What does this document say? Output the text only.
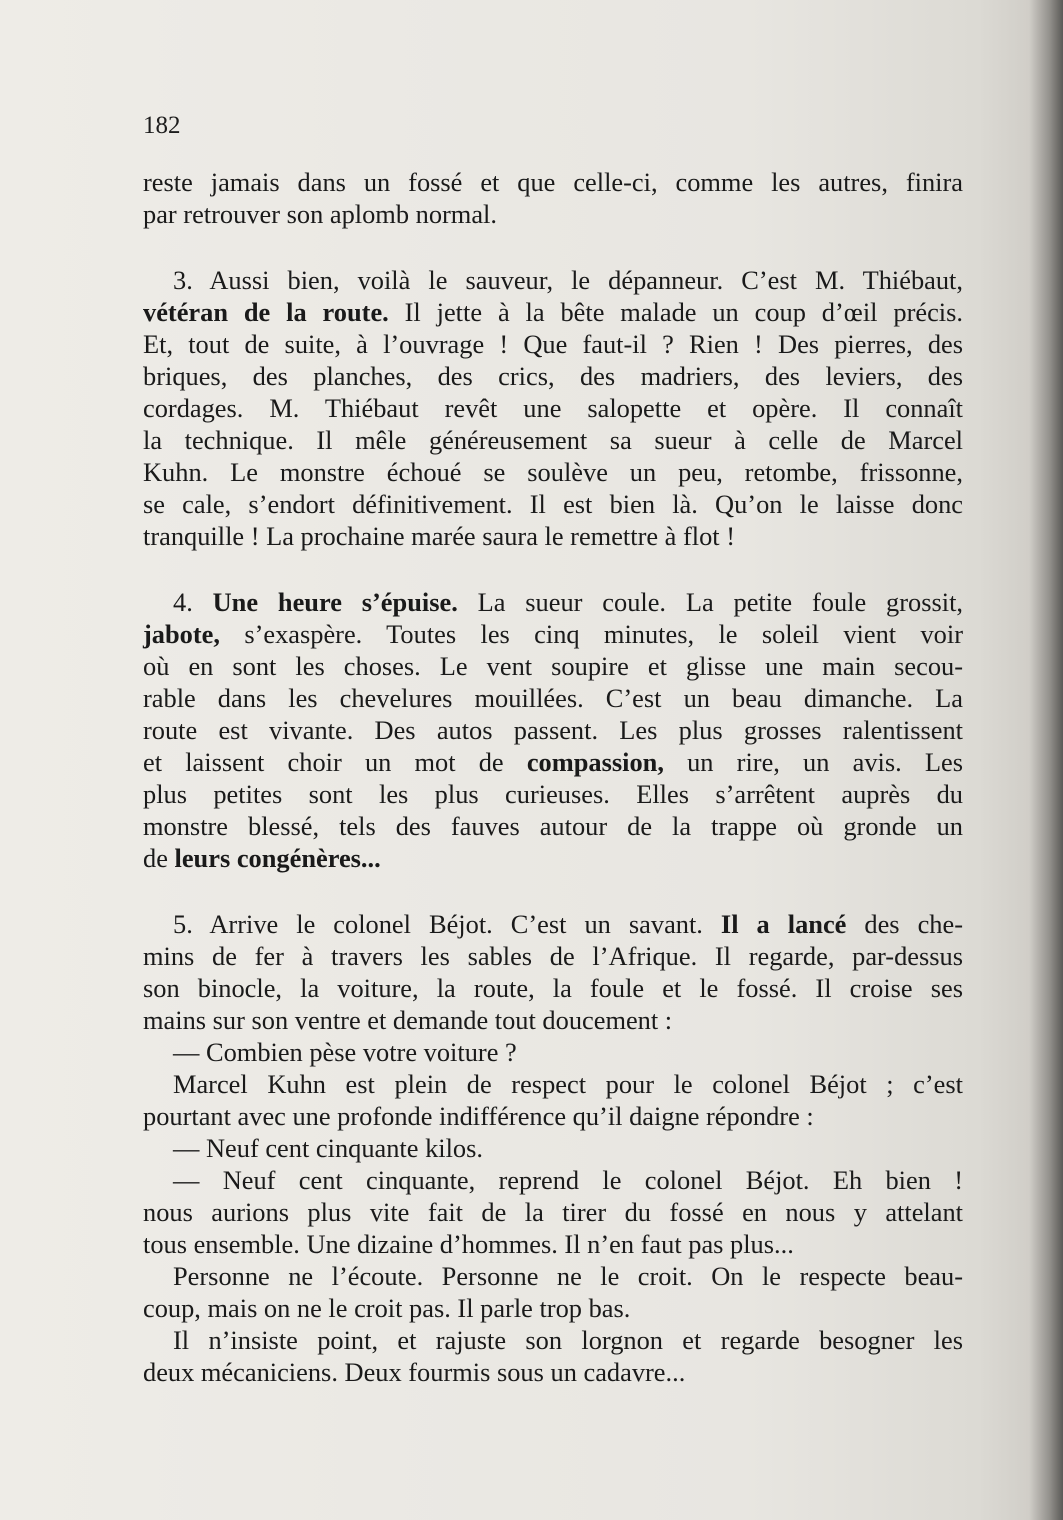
182
reste jamais dans un fossé et que celle-ci, comme les autres, finira
par retrouver son aplomb normal.
3. Aussi bien, voilà le sauveur, le dépanneur. C’est M. Thiébaut,
vétéran de la route. Il jette à la bête malade un coup d’œil précis.
Et, tout de suite, à l’ouvrage ! Que faut-il ? Rien ! Des pierres, des
briques, des planches, des crics, des madriers, des leviers, des
cordages. M. Thiébaut revêt une salopette et opère. Il connaît
la technique. Il mêle généreusement sa sueur à celle de Marcel
Kuhn. Le monstre échoué se soulève un peu, retombe, frissonne,
se cale, s’endort définitivement. Il est bien là. Qu’on le laisse donc
tranquille ! La prochaine marée saura le remettre à flot !
4. Une heure s’épuise. La sueur coule. La petite foule grossit,
jabote, s’exaspère. Toutes les cinq minutes, le soleil vient voir
où en sont les choses. Le vent soupire et glisse une main secou-
rable dans les chevelures mouillées. C’est un beau dimanche. La
route est vivante. Des autos passent. Les plus grosses ralentissent
et laissent choir un mot de compassion, un rire, un avis. Les
plus petites sont les plus curieuses. Elles s’arrêtent auprès du
monstre blessé, tels des fauves autour de la trappe où gronde un
de leurs congénères...
5. Arrive le colonel Béjot. C’est un savant. Il a lancé des che-
mins de fer à travers les sables de l’Afrique. Il regarde, par-dessus
son binocle, la voiture, la route, la foule et le fossé. Il croise ses
mains sur son ventre et demande tout doucement :
— Combien pèse votre voiture ?
Marcel Kuhn est plein de respect pour le colonel Béjot ; c’est
pourtant avec une profonde indifférence qu’il daigne répondre :
— Neuf cent cinquante kilos.
— Neuf cent cinquante, reprend le colonel Béjot. Eh bien !
nous aurions plus vite fait de la tirer du fossé en nous y attelant
tous ensemble. Une dizaine d’hommes. Il n’en faut pas plus...
Personne ne l’écoute. Personne ne le croit. On le respecte beau-
coup, mais on ne le croit pas. Il parle trop bas.
Il n’insiste point, et rajuste son lorgnon et regarde besogner les
deux mécaniciens. Deux fourmis sous un cadavre...
